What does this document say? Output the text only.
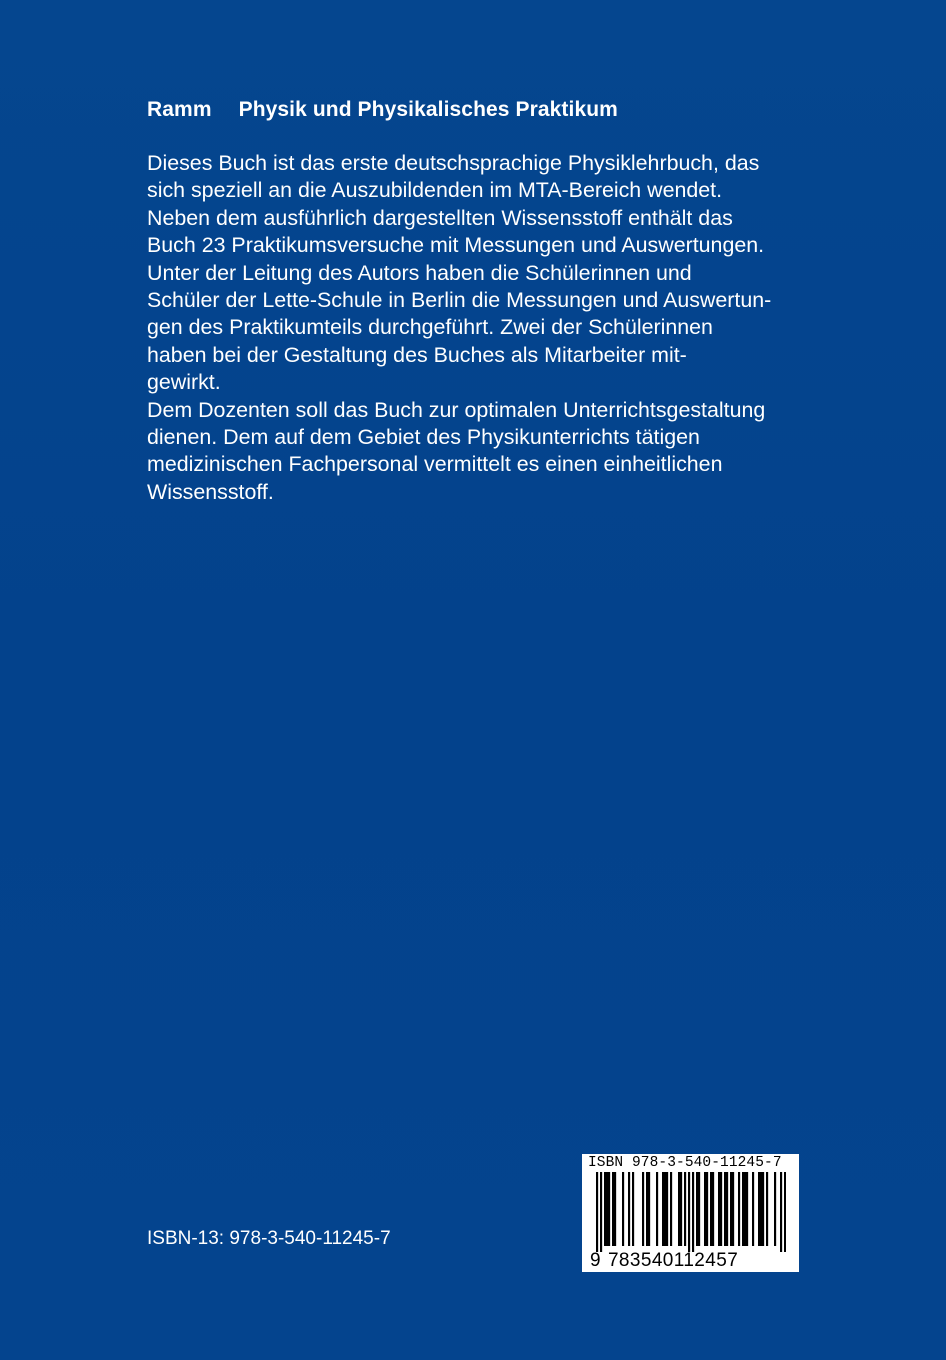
Ramm Physik und Physikalisches Praktikum
Dieses Buch ist das erste deutschsprachige Physiklehrbuch, das
sich speziell an die Auszubildenden im MTA-Bereich wendet.
Neben dem ausführlich dargestellten Wissensstoff enthält das
Buch 23 Praktikumsversuche mit Messungen und Auswertungen.
Unter der Leitung des Autors haben die Schülerinnen und
Schüler der Lette-Schule in Berlin die Messungen und Auswertun-
gen des Praktikumteils durchgeführt. Zwei der Schülerinnen
haben bei der Gestaltung des Buches als Mitarbeiter mit-
gewirkt.
Dem Dozenten soll das Buch zur optimalen Unterrichtsgestaltung
dienen. Dem auf dem Gebiet des Physikunterrichts tätigen
medizinischen Fachpersonal vermittelt es einen einheitlichen
Wissensstoff.
ISBN-13: 978-3-540-11245-7
ISBN 978-3-540-11245-7
9 783540112457
